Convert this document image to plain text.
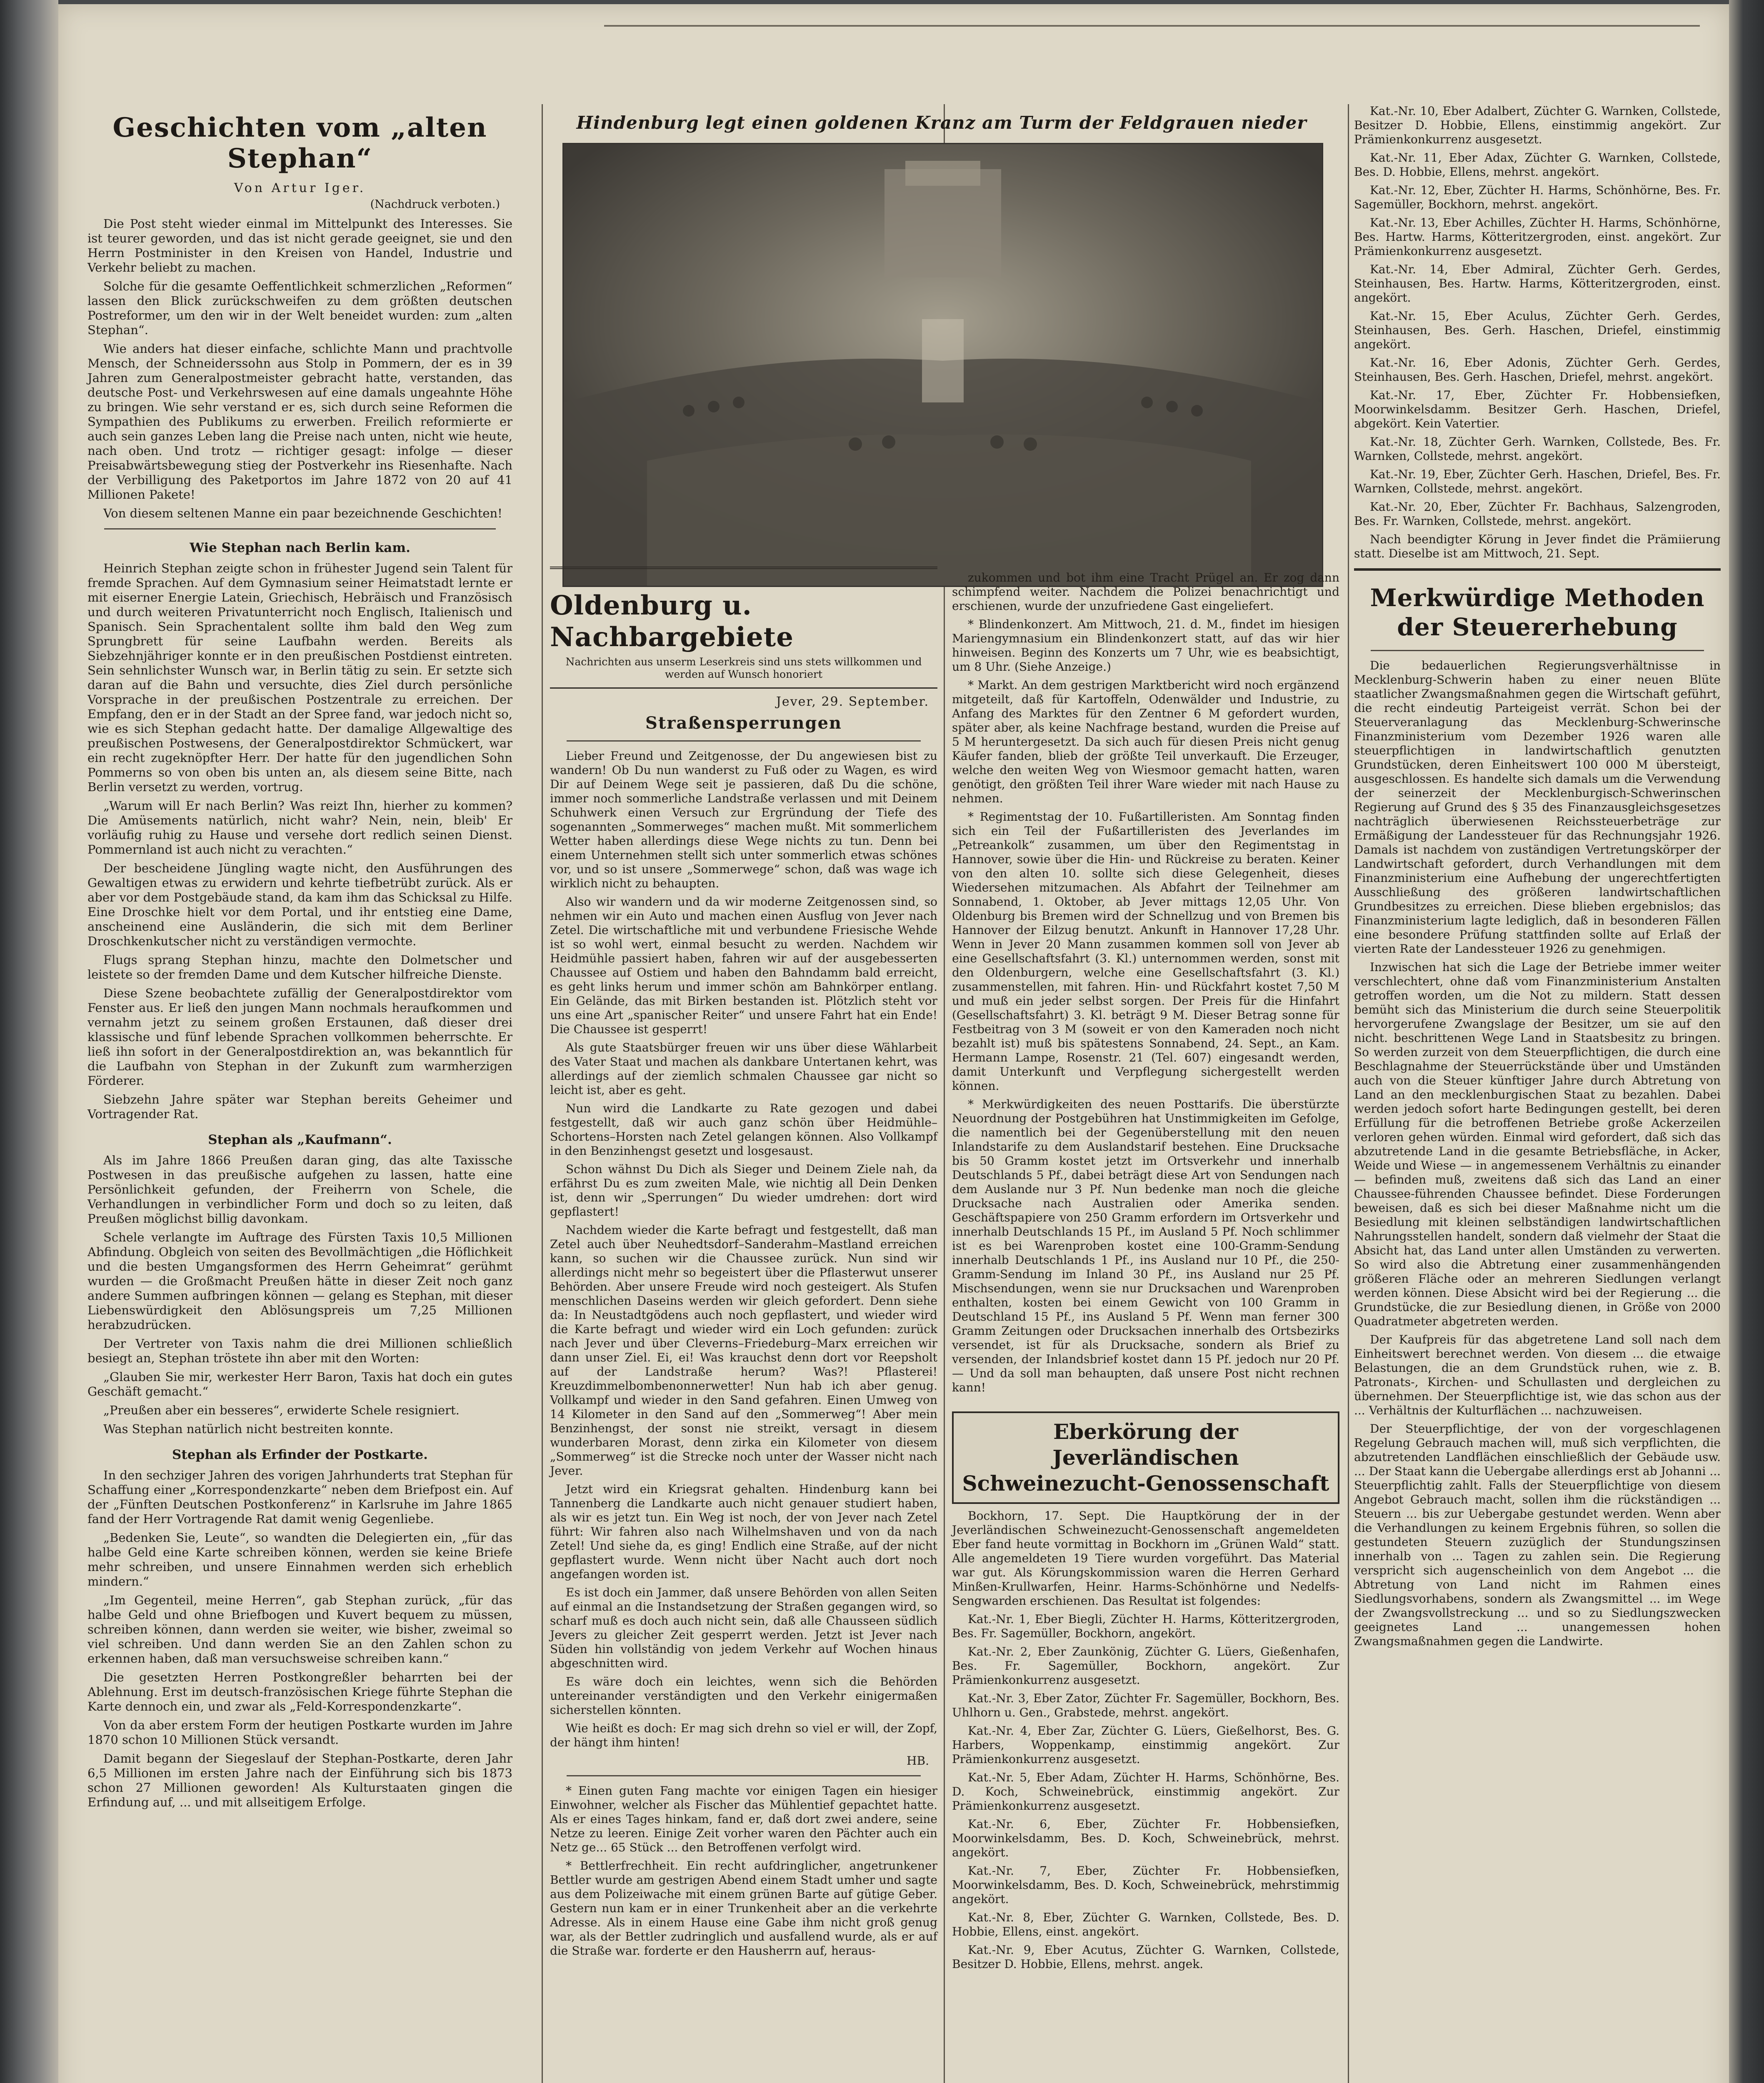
Geschichten vom „alten Stephan“
Von Artur Iger.
(Nachdruck verboten.)

Die Post steht wieder einmal im Mittelpunkt des Interesses. Sie ist teurer geworden, und das ist nicht gerade geeignet, sie und den Herrn Postminister in den Kreisen von Handel, Industrie und Verkehr beliebt zu machen.

Solche für die gesamte Oeffentlichkeit schmerzlichen „Reformen“ lassen den Blick zurückschweifen zu dem größten deutschen Postreformer, um den wir in der Welt beneidet wurden: zum „alten Stephan“.

Wie anders hat dieser einfache, schlichte Mann und prachtvolle Mensch, der Schneiderssohn aus Stolp in Pommern, der es in 39 Jahren zum Generalpostmeister gebracht hatte, verstanden, das deutsche Post- und Verkehrswesen auf eine damals ungeahnte Höhe zu bringen. Wie sehr verstand er es, sich durch seine Reformen die Sympathien des Publikums zu erwerben. Freilich reformierte er auch sein ganzes Leben lang die Preise nach unten, nicht wie heute, nach oben. Und trotz — richtiger gesagt: infolge — dieser Preisabwärtsbewegung stieg der Postverkehr ins Riesenhafte. Nach der Verbilligung des Paketportos im Jahre 1872 von 20 auf 41 Millionen Pakete!

Von diesem seltenen Manne ein paar bezeichnende Geschichten!

Wie Stephan nach Berlin kam.

Heinrich Stephan zeigte schon in frühester Jugend sein Talent für fremde Sprachen. Auf dem Gymnasium seiner Heimatstadt lernte er mit eiserner Energie Latein, Griechisch, Hebräisch und Französisch und durch weiteren Privatunterricht noch Englisch, Italienisch und Spanisch. Sein Sprachentalent sollte ihm bald den Weg zum Sprungbrett für seine Laufbahn werden. Bereits als Siebzehnjähriger konnte er in den preußischen Postdienst eintreten. Sein sehnlichster Wunsch war, in Berlin tätig zu sein. Er setzte sich daran auf die Bahn und versuchte, dies Ziel durch persönliche Vorsprache in der preußischen Postzentrale zu erreichen. Der Empfang, den er in der Stadt an der Spree fand, war jedoch nicht so, wie es sich Stephan gedacht hatte. Der damalige Allgewaltige des preußischen Postwesens, der Generalpostdirektor Schmückert, war ein recht zugeknöpfter Herr. Der hatte für den jugendlichen Sohn Pommerns so von oben bis unten an, als diesem seine Bitte, nach Berlin versetzt zu werden, vortrug.

„Warum will Er nach Berlin? Was reizt Ihn, hierher zu kommen? Die Amüsements natürlich, nicht wahr? Nein, nein, bleib' Er vorläufig ruhig zu Hause und versehe dort redlich seinen Dienst. Pommernland ist auch nicht zu verachten.“

Der bescheidene Jüngling wagte nicht, den Ausführungen des Gewaltigen etwas zu erwidern und kehrte tiefbetrübt zurück. Als er aber vor dem Postgebäude stand, da kam ihm das Schicksal zu Hilfe. Eine Droschke hielt vor dem Portal, und ihr entstieg eine Dame, anscheinend eine Ausländerin, die sich mit dem Berliner Droschkenkutscher nicht zu verständigen vermochte.

Flugs sprang Stephan hinzu, machte den Dolmetscher und leistete so der fremden Dame und dem Kutscher hilfreiche Dienste.

Diese Szene beobachtete zufällig der Generalpostdirektor vom Fenster aus. Er ließ den jungen Mann nochmals heraufkommen und vernahm jetzt zu seinem großen Erstaunen, daß dieser drei klassische und fünf lebende Sprachen vollkommen beherrschte. Er ließ ihn sofort in der Generalpostdirektion an, was bekanntlich für die Laufbahn von Stephan in der Zukunft zum warmherzigen Förderer.

Siebzehn Jahre später war Stephan bereits Geheimer und Vortragender Rat.

Stephan als „Kaufmann“.

Als im Jahre 1866 Preußen daran ging, das alte Taxissche Postwesen in das preußische aufgehen zu lassen, hatte eine Persönlichkeit gefunden, der Freiherrn von Schele, die Verhandlungen in verbindlicher Form und doch so zu leiten, daß Preußen möglichst billig davonkam.

Schele verlangte im Auftrage des Fürsten Taxis 10,5 Millionen Abfindung. Obgleich von seiten des Bevollmächtigen „die Höflichkeit und die besten Umgangsformen des Herrn Geheimrat“ gerühmt wurden — die Großmacht Preußen hätte in dieser Zeit noch ganz andere Summen aufbringen können — gelang es Stephan, mit dieser Liebenswürdigkeit den Ablösungspreis um 7,25 Millionen herabzudrücken.

Der Vertreter von Taxis nahm die drei Millionen schließlich besiegt an, Stephan tröstete ihn aber mit den Worten:

„Glauben Sie mir, werkester Herr Baron, Taxis hat doch ein gutes Geschäft gemacht.“

„Preußen aber ein besseres“, erwiderte Schele resigniert.

Was Stephan natürlich nicht bestreiten konnte.

Stephan als Erfinder der Postkarte.

In den sechziger Jahren des vorigen Jahrhunderts trat Stephan für Schaffung einer „Korrespondenzkarte“ neben dem Briefpost ein. Auf der „Fünften Deutschen Postkonferenz“ in Karlsruhe im Jahre 1865 fand der Herr Vortragende Rat damit wenig Gegenliebe.

„Bedenken Sie, Leute“, so wandten die Delegierten ein, „für das halbe Geld eine Karte schreiben können, werden sie keine Briefe mehr schreiben, und unsere Einnahmen werden sich erheblich mindern.“

„Im Gegenteil, meine Herren“, gab Stephan zurück, „für das halbe Geld und ohne Briefbogen und Kuvert bequem zu müssen, schreiben können, dann werden sie weiter, wie bisher, zweimal so viel schreiben. Und dann werden Sie an den Zahlen schon zu erkennen haben, daß man versuchsweise schreiben kann.“

Die gesetzten Herren Postkongreßler beharrten bei der Ablehnung. Erst im deutsch-französischen Kriege führte Stephan die Karte dennoch ein, und zwar als „Feld-Korrespondenzkarte“.

Von da aber erstem Form der heutigen Postkarte wurden im Jahre 1870 schon 10 Millionen Stück versandt.

Damit begann der Siegeslauf der Stephan-Postkarte, deren Jahr 6,5 Millionen im ersten Jahre nach der Einführung sich bis 1873 schon 27 Millionen geworden! Als Kulturstaaten gingen die Erfindung auf, ... und mit allseitigem Erfolge.

Hindenburg legt einen goldenen Kranz am Turm der Feldgrauen nieder
Oldenburg u. Nachbargebiete
Nachrichten aus unserm Leserkreis sind uns stets willkommen und werden auf Wunsch honoriert
Jever, 29. September.
Straßensperrungen

Lieber Freund und Zeitgenosse, der Du angewiesen bist zu wandern! Ob Du nun wanderst zu Fuß oder zu Wagen, es wird Dir auf Deinem Wege seit je passieren, daß Du die schöne, immer noch sommerliche Landstraße verlassen und mit Deinem Schuhwerk einen Versuch zur Ergründung der Tiefe des sogenannten „Sommerweges“ machen mußt. Mit sommerlichem Wetter haben allerdings diese Wege nichts zu tun. Denn bei einem Unternehmen stellt sich unter sommerlich etwas schönes vor, und so ist unsere „Sommerwege“ schon, daß was wage ich wirklich nicht zu behaupten.

Also wir wandern und da wir moderne Zeitgenossen sind, so nehmen wir ein Auto und machen einen Ausflug von Jever nach Zetel. Die wirtschaftliche mit und verbundene Friesische Wehde ist so wohl wert, einmal besucht zu werden. Nachdem wir Heidmühle passiert haben, fahren wir auf der ausgebesserten Chaussee auf Ostiem und haben den Bahndamm bald erreicht, es geht links herum und immer schön am Bahnkörper entlang. Ein Gelände, das mit Birken bestanden ist. Plötzlich steht vor uns eine Art „spanischer Reiter“ und unsere Fahrt hat ein Ende! Die Chaussee ist gesperrt!

Als gute Staatsbürger freuen wir uns über diese Wählarbeit des Vater Staat und machen als dankbare Untertanen kehrt, was allerdings auf der ziemlich schmalen Chaussee gar nicht so leicht ist, aber es geht.

Nun wird die Landkarte zu Rate gezogen und dabei festgestellt, daß wir auch ganz schön über Heidmühle–Schortens–Horsten nach Zetel gelangen können. Also Vollkampf in den Benzinhengst gesetzt und losgesaust.

Schon wähnst Du Dich als Sieger und Deinem Ziele nah, da erfährst Du es zum zweiten Male, wie nichtig all Dein Denken ist, denn wir „Sperrungen“ Du wieder umdrehen: dort wird gepflastert!

Nachdem wieder die Karte befragt und festgestellt, daß man Zetel auch über Neuhedtsdorf–Sanderahm–Mastland erreichen kann, so suchen wir die Chaussee zurück. Nun sind wir allerdings nicht mehr so begeistert über die Pflasterwut unserer Behörden. Aber unsere Freude wird noch gesteigert. Als Stufen menschlichen Daseins werden wir gleich gefordert. Denn siehe da: In Neustadtgödens auch noch gepflastert, und wieder wird die Karte befragt und wieder wird ein Loch gefunden: zurück nach Jever und über Cleverns–Friedeburg–Marx erreichen wir dann unser Ziel. Ei, ei! Was krauchst denn dort vor Reepsholt auf der Landstraße herum? Was?! Pflasterei! Kreuzdimmelbombenonnerwetter! Nun hab ich aber genug. Vollkampf und wieder in den Sand gefahren. Einen Umweg von 14 Kilometer in den Sand auf den „Sommerweg“! Aber mein Benzinhengst, der sonst nie streikt, versagt in diesem wunderbaren Morast, denn zirka ein Kilometer von diesem „Sommerweg“ ist die Strecke noch unter der Wasser nicht nach Jever.

Jetzt wird ein Kriegsrat gehalten. Hindenburg kann bei Tannenberg die Landkarte auch nicht genauer studiert haben, als wir es jetzt tun. Ein Weg ist noch, der von Jever nach Zetel führt: Wir fahren also nach Wilhelmshaven und von da nach Zetel! Und siehe da, es ging! Endlich eine Straße, auf der nicht gepflastert wurde. Wenn nicht über Nacht auch dort noch angefangen worden ist.

Es ist doch ein Jammer, daß unsere Behörden von allen Seiten auf einmal an die Instandsetzung der Straßen gegangen wird, so scharf muß es doch auch nicht sein, daß alle Chausseen südlich Jevers zu gleicher Zeit gesperrt werden. Jetzt ist Jever nach Süden hin vollständig von jedem Verkehr auf Wochen hinaus abgeschnitten wird.

Es wäre doch ein leichtes, wenn sich die Behörden untereinander verständigten und den Verkehr einigermaßen sicherstellen könnten.

Wie heißt es doch: Er mag sich drehn so viel er will, der Zopf, der hängt ihm hinten!

HB.

* Einen guten Fang machte vor einigen Tagen ein hiesiger Einwohner, welcher als Fischer das Mühlentief gepachtet hatte. Als er eines Tages hinkam, fand er, daß dort zwei andere, seine Netze zu leeren. Einige Zeit vorher waren den Pächter auch ein Netz ge... 65 Stück ... den Betroffenen verfolgt wird.

* Bettlerfrechheit. Ein recht aufdringlicher, angetrunkener Bettler wurde am gestrigen Abend einem Stadt umher und sagte aus dem Polizeiwache mit einem grünen Barte auf gütige Geber. Gestern nun kam er in einer Trunkenheit aber an die verkehrte Adresse. Als in einem Hause eine Gabe ihm nicht groß genug war, als der Bettler zudringlich und ausfallend wurde, als er auf die Straße war. forderte er den Hausherrn auf, heraus-

zukommen und bot ihm eine Tracht Prügel an. Er zog dann schimpfend weiter. Nachdem die Polizei benachrichtigt und erschienen, wurde der unzufriedene Gast eingeliefert.

* Blindenkonzert. Am Mittwoch, 21. d. M., findet im hiesigen Mariengymnasium ein Blindenkonzert statt, auf das wir hier hinweisen. Beginn des Konzerts um 7 Uhr, wie es beabsichtigt, um 8 Uhr. (Siehe Anzeige.)

* Markt. An dem gestrigen Marktbericht wird noch ergänzend mitgeteilt, daß für Kartoffeln, Odenwälder und Industrie, zu Anfang des Marktes für den Zentner 6 M gefordert wurden, später aber, als keine Nachfrage bestand, wurden die Preise auf 5 M heruntergesetzt. Da sich auch für diesen Preis nicht genug Käufer fanden, blieb der größte Teil unverkauft. Die Erzeuger, welche den weiten Weg von Wiesmoor gemacht hatten, waren genötigt, den größten Teil ihrer Ware wieder mit nach Hause zu nehmen.

* Regimentstag der 10. Fußartilleristen. Am Sonntag finden sich ein Teil der Fußartilleristen des Jeverlandes im „Petreankolk“ zusammen, um über den Regimentstag in Hannover, sowie über die Hin- und Rückreise zu beraten. Keiner von den alten 10. sollte sich diese Gelegenheit, dieses Wiedersehen mitzumachen. Als Abfahrt der Teilnehmer am Sonnabend, 1. Oktober, ab Jever mittags 12,05 Uhr. Von Oldenburg bis Bremen wird der Schnellzug und von Bremen bis Hannover der Eilzug benutzt. Ankunft in Hannover 17,28 Uhr. Wenn in Jever 20 Mann zusammen kommen soll von Jever ab eine Gesellschaftsfahrt (3. Kl.) unternommen werden, sonst mit den Oldenburgern, welche eine Gesellschaftsfahrt (3. Kl.) zusammenstellen, mit fahren. Hin- und Rückfahrt kostet 7,50 M und muß ein jeder selbst sorgen. Der Preis für die Hinfahrt (Gesellschaftsfahrt) 3. Kl. beträgt 9 M. Dieser Betrag sonne für Festbeitrag von 3 M (soweit er von den Kameraden noch nicht bezahlt ist) muß bis spätestens Sonnabend, 24. Sept., an Kam. Hermann Lampe, Rosenstr. 21 (Tel. 607) eingesandt werden, damit Unterkunft und Verpflegung sichergestellt werden können.

* Merkwürdigkeiten des neuen Posttarifs. Die überstürzte Neuordnung der Postgebühren hat Unstimmigkeiten im Gefolge, die namentlich bei der Gegenüberstellung mit den neuen Inlandstarife zu dem Auslandstarif bestehen. Eine Drucksache bis 50 Gramm kostet jetzt im Ortsverkehr und innerhalb Deutschlands 5 Pf., dabei beträgt diese Art von Sendungen nach dem Auslande nur 3 Pf. Nun bedenke man noch die gleiche Drucksache nach Australien oder Amerika senden. Geschäftspapiere von 250 Gramm erfordern im Ortsverkehr und innerhalb Deutschlands 15 Pf., im Ausland 5 Pf. Noch schlimmer ist es bei Warenproben kostet eine 100-Gramm-Sendung innerhalb Deutschlands 1 Pf., ins Ausland nur 10 Pf., die 250-Gramm-Sendung im Inland 30 Pf., ins Ausland nur 25 Pf. Mischsendungen, wenn sie nur Drucksachen und Warenproben enthalten, kosten bei einem Gewicht von 100 Gramm in Deutschland 15 Pf., ins Ausland 5 Pf. Wenn man ferner 300 Gramm Zeitungen oder Drucksachen innerhalb des Ortsbezirks versendet, ist für als Drucksache, sondern als Brief zu versenden, der Inlandsbrief kostet dann 15 Pf. jedoch nur 20 Pf. — Und da soll man behaupten, daß unsere Post nicht rechnen kann!

Eberkörung der Jeverländischen Schweinezucht-Genossenschaft

Bockhorn, 17. Sept. Die Hauptkörung der in der Jeverländischen Schweinezucht-Genossenschaft angemeldeten Eber fand heute vormittag in Bockhorn im „Grünen Wald“ statt. Alle angemeldeten 19 Tiere wurden vorgeführt. Das Material war gut. Als Körungskommission waren die Herren Gerhard Minßen-Krullwarfen, Heinr. Harms-Schönhörne und Nedelfs-Sengwarden erschienen. Das Resultat ist folgendes:

Kat.-Nr. 1, Eber Biegli, Züchter H. Harms, Kötteritzergroden, Bes. Fr. Sagemüller, Bockhorn, angekört.

Kat.-Nr. 2, Eber Zaunkönig, Züchter G. Lüers, Gießenhafen, Bes. Fr. Sagemüller, Bockhorn, angekört. Zur Prämienkonkurrenz ausgesetzt.

Kat.-Nr. 3, Eber Zator, Züchter Fr. Sagemüller, Bockhorn, Bes. Uhlhorn u. Gen., Grabstede, mehrst. angekört.

Kat.-Nr. 4, Eber Zar, Züchter G. Lüers, Gießelhorst, Bes. G. Harbers, Woppenkamp, einstimmig angekört. Zur Prämienkonkurrenz ausgesetzt.

Kat.-Nr. 5, Eber Adam, Züchter H. Harms, Schönhörne, Bes. D. Koch, Schweinebrück, einstimmig angekört. Zur Prämienkonkurrenz ausgesetzt.

Kat.-Nr. 6, Eber, Züchter Fr. Hobbensiefken, Moorwinkelsdamm, Bes. D. Koch, Schweinebrück, mehrst. angekört.

Kat.-Nr. 7, Eber, Züchter Fr. Hobbensiefken, Moorwinkelsdamm, Bes. D. Koch, Schweinebrück, mehrstimmig angekört.

Kat.-Nr. 8, Eber, Züchter G. Warnken, Collstede, Bes. D. Hobbie, Ellens, einst. angekört.

Kat.-Nr. 9, Eber Acutus, Züchter G. Warnken, Collstede, Besitzer D. Hobbie, Ellens, mehrst. angek.

Kat.-Nr. 10, Eber Adalbert, Züchter G. Warnken, Collstede, Besitzer D. Hobbie, Ellens, einstimmig angekört. Zur Prämienkonkurrenz ausgesetzt.

Kat.-Nr. 11, Eber Adax, Züchter G. Warnken, Collstede, Bes. D. Hobbie, Ellens, mehrst. angekört.

Kat.-Nr. 12, Eber, Züchter H. Harms, Schönhörne, Bes. Fr. Sagemüller, Bockhorn, mehrst. angekört.

Kat.-Nr. 13, Eber Achilles, Züchter H. Harms, Schönhörne, Bes. Hartw. Harms, Kötteritzergroden, einst. angekört. Zur Prämienkonkurrenz ausgesetzt.

Kat.-Nr. 14, Eber Admiral, Züchter Gerh. Gerdes, Steinhausen, Bes. Hartw. Harms, Kötteritzergroden, einst. angekört.

Kat.-Nr. 15, Eber Aculus, Züchter Gerh. Gerdes, Steinhausen, Bes. Gerh. Haschen, Driefel, einstimmig angekört.

Kat.-Nr. 16, Eber Adonis, Züchter Gerh. Gerdes, Steinhausen, Bes. Gerh. Haschen, Driefel, mehrst. angekört.

Kat.-Nr. 17, Eber, Züchter Fr. Hobbensiefken, Moorwinkelsdamm. Besitzer Gerh. Haschen, Driefel, abgekört. Kein Vatertier.

Kat.-Nr. 18, Züchter Gerh. Warnken, Collstede, Bes. Fr. Warnken, Collstede, mehrst. angekört.

Kat.-Nr. 19, Eber, Züchter Gerh. Haschen, Driefel, Bes. Fr. Warnken, Collstede, mehrst. angekört.

Kat.-Nr. 20, Eber, Züchter Fr. Bachhaus, Salzengroden, Bes. Fr. Warnken, Collstede, mehrst. angekört.

Nach beendigter Körung in Jever findet die Prämiierung statt. Dieselbe ist am Mittwoch, 21. Sept.

Merkwürdige Methoden der Steuererhebung

Die bedauerlichen Regierungsverhältnisse in Mecklenburg-Schwerin haben zu einer neuen Blüte staatlicher Zwangsmaßnahmen gegen die Wirtschaft geführt, die recht eindeutig Parteigeist verrät. Schon bei der Steuerveranlagung das Mecklenburg-Schwerinsche Finanzministerium vom Dezember 1926 waren alle steuerpflichtigen in landwirtschaftlich genutzten Grundstücken, deren Einheitswert 100 000 M übersteigt, ausgeschlossen. Es handelte sich damals um die Verwendung der seinerzeit der Mecklenburgisch-Schwerinschen Regierung auf Grund des § 35 des Finanzausgleichsgesetzes nachträglich überwiesenen Reichssteuerbeträge zur Ermäßigung der Landessteuer für das Rechnungsjahr 1926. Damals ist nachdem von zuständigen Vertretungskörper der Landwirtschaft gefordert, durch Verhandlungen mit dem Finanzministerium eine Aufhebung der ungerechtfertigten Ausschließung des größeren landwirtschaftlichen Grundbesitzes zu erreichen. Diese blieben ergebnislos; das Finanzministerium lagte lediglich, daß in besonderen Fällen eine besondere Prüfung stattfinden sollte auf Erlaß der vierten Rate der Landessteuer 1926 zu genehmigen.

Inzwischen hat sich die Lage der Betriebe immer weiter verschlechtert, ohne daß vom Finanzministerium Anstalten getroffen worden, um die Not zu mildern. Statt dessen bemüht sich das Ministerium die durch seine Steuerpolitik hervorgerufene Zwangslage der Besitzer, um sie auf den nicht. beschrittenen Wege Land in Staatsbesitz zu bringen. So werden zurzeit von dem Steuerpflichtigen, die durch eine Beschlagnahme der Steuerrückstände über und Umständen auch von die Steuer künftiger Jahre durch Abtretung von Land an den mecklenburgischen Staat zu bezahlen. Dabei werden jedoch sofort harte Bedingungen gestellt, bei deren Erfüllung für die betroffenen Betriebe große Ackerzeilen verloren gehen würden. Einmal wird gefordert, daß sich das abzutretende Land in die gesamte Betriebsfläche, in Acker, Weide und Wiese — in angemessenem Verhältnis zu einander — befinden muß, zweitens daß sich das Land an einer Chaussee-führenden Chaussee befindet. Diese Forderungen beweisen, daß es sich bei dieser Maßnahme nicht um die Besiedlung mit kleinen selbständigen landwirtschaftlichen Nahrungsstellen handelt, sondern daß vielmehr der Staat die Absicht hat, das Land unter allen Umständen zu verwerten. So wird also die Abtretung einer zusammenhängenden größeren Fläche oder an mehreren Siedlungen verlangt werden können. Diese Absicht wird bei der Regierung ... die Grundstücke, die zur Besiedlung dienen, in Größe von 2000 Quadratmeter abgetreten werden.

Der Kaufpreis für das abgetretene Land soll nach dem Einheitswert berechnet werden. Von diesem ... die etwaige Belastungen, die an dem Grundstück ruhen, wie z. B. Patronats-, Kirchen- und Schullasten und dergleichen zu übernehmen. Der Steuerpflichtige ist, wie das schon aus der ... Verhältnis der Kulturflächen ... nachzuweisen.

Der Steuerpflichtige, der von der vorgeschlagenen Regelung Gebrauch machen will, muß sich verpflichten, die abzutretenden Landflächen einschließlich der Gebäude usw. ... Der Staat kann die Uebergabe allerdings erst ab Johanni ... Steuerpflichtig zahlt. Falls der Steuerpflichtige von diesem Angebot Gebrauch macht, sollen ihm die rückständigen ... Steuern ... bis zur Uebergabe gestundet werden. Wenn aber die Verhandlungen zu keinem Ergebnis führen, so sollen die gestundeten Steuern zuzüglich der Stundungszinsen innerhalb von ... Tagen zu zahlen sein. Die Regierung verspricht sich augenscheinlich von dem Angebot ... die Abtretung von Land nicht im Rahmen eines Siedlungsvorhabens, sondern als Zwangsmittel ... im Wege der Zwangsvollstreckung ... und so zu Siedlungszwecken geeignetes Land ... unangemessen hohen Zwangsmaßnahmen gegen die Landwirte.
